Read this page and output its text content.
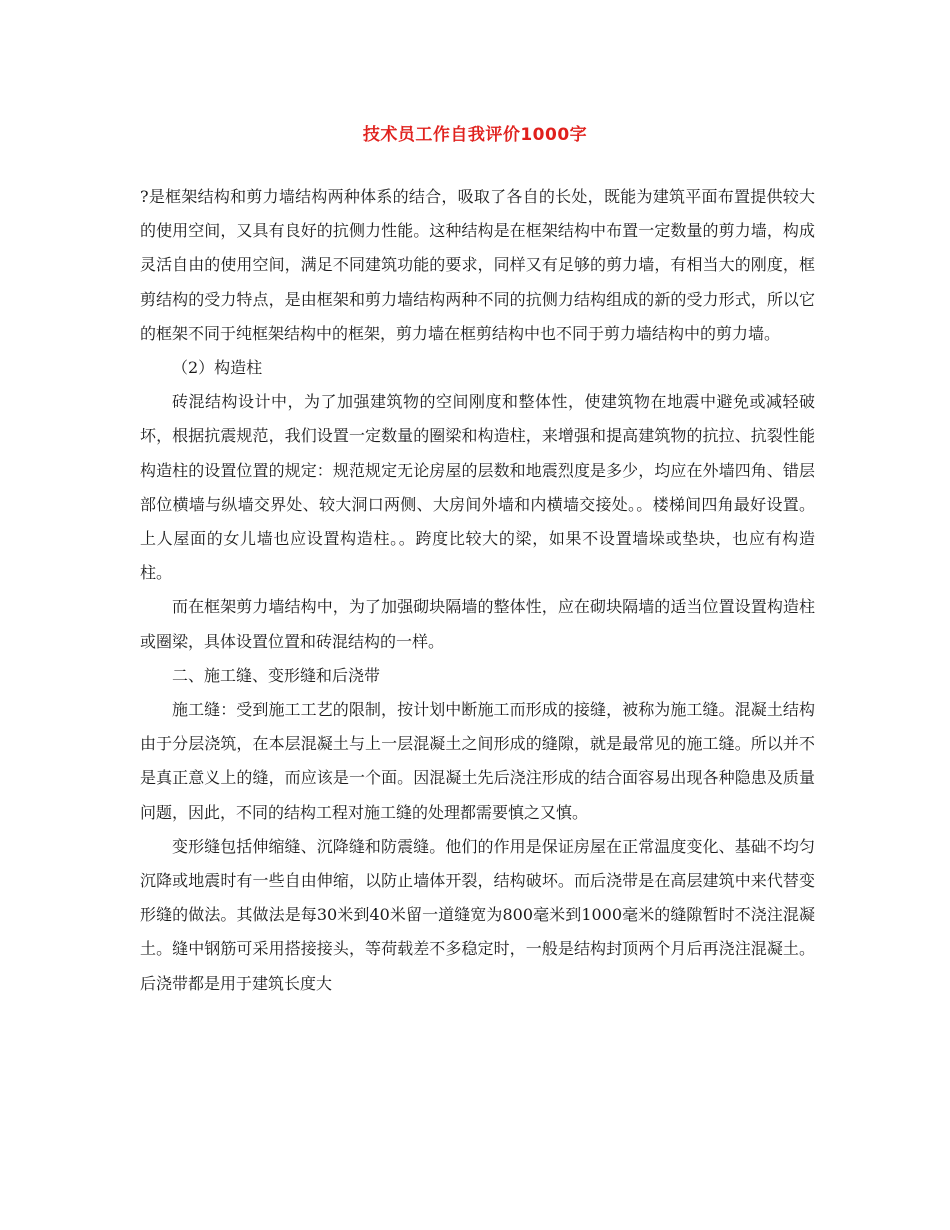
技术员工作自我评价1000字

?是框架结构和剪力墙结构两种体系的结合，吸取了各自的长处，既能为建筑平面布置提供较大的使用空间，又具有良好的抗侧力性能。这种结构是在框架结构中布置一定数量的剪力墙，构成灵活自由的使用空间，满足不同建筑功能的要求，同样又有足够的剪力墙，有相当大的刚度，框剪结构的受力特点，是由框架和剪力墙结构两种不同的抗侧力结构组成的新的受力形式，所以它的框架不同于纯框架结构中的框架，剪力墙在框剪结构中也不同于剪力墙结构中的剪力墙。

（2）构造柱

砖混结构设计中，为了加强建筑物的空间刚度和整体性，使建筑物在地震中避免或减轻破坏，根据抗震规范，我们设置一定数量的圈梁和构造柱，来增强和提高建筑物的抗拉、抗裂性能构造柱的设置位置的规定：规范规定无论房屋的层数和地震烈度是多少，均应在外墙四角、错层部位横墙与纵墙交界处、较大洞口两侧、大房间外墙和内横墙交接处。。楼梯间四角最好设置。上人屋面的女儿墙也应设置构造柱。。跨度比较大的梁，如果不设置墙垛或垫块，也应有构造柱。

而在框架剪力墙结构中，为了加强砌块隔墙的整体性，应在砌块隔墙的适当位置设置构造柱或圈梁，具体设置位置和砖混结构的一样。

二、施工缝、变形缝和后浇带

施工缝：受到施工工艺的限制，按计划中断施工而形成的接缝，被称为施工缝。混凝土结构由于分层浇筑，在本层混凝土与上一层混凝土之间形成的缝隙，就是最常见的施工缝。所以并不是真正意义上的缝，而应该是一个面。因混凝土先后浇注形成的结合面容易出现各种隐患及质量问题，因此，不同的结构工程对施工缝的处理都需要慎之又慎。

变形缝包括伸缩缝、沉降缝和防震缝。他们的作用是保证房屋在正常温度变化、基础不均匀沉降或地震时有一些自由伸缩，以防止墙体开裂，结构破坏。而后浇带是在高层建筑中来代替变形缝的做法。其做法是每30米到40米留一道缝宽为800毫米到1000毫米的缝隙暂时不浇注混凝土。缝中钢筋可采用搭接接头，等荷载差不多稳定时，一般是结构封顶两个月后再浇注混凝土。后浇带都是用于建筑长度大
